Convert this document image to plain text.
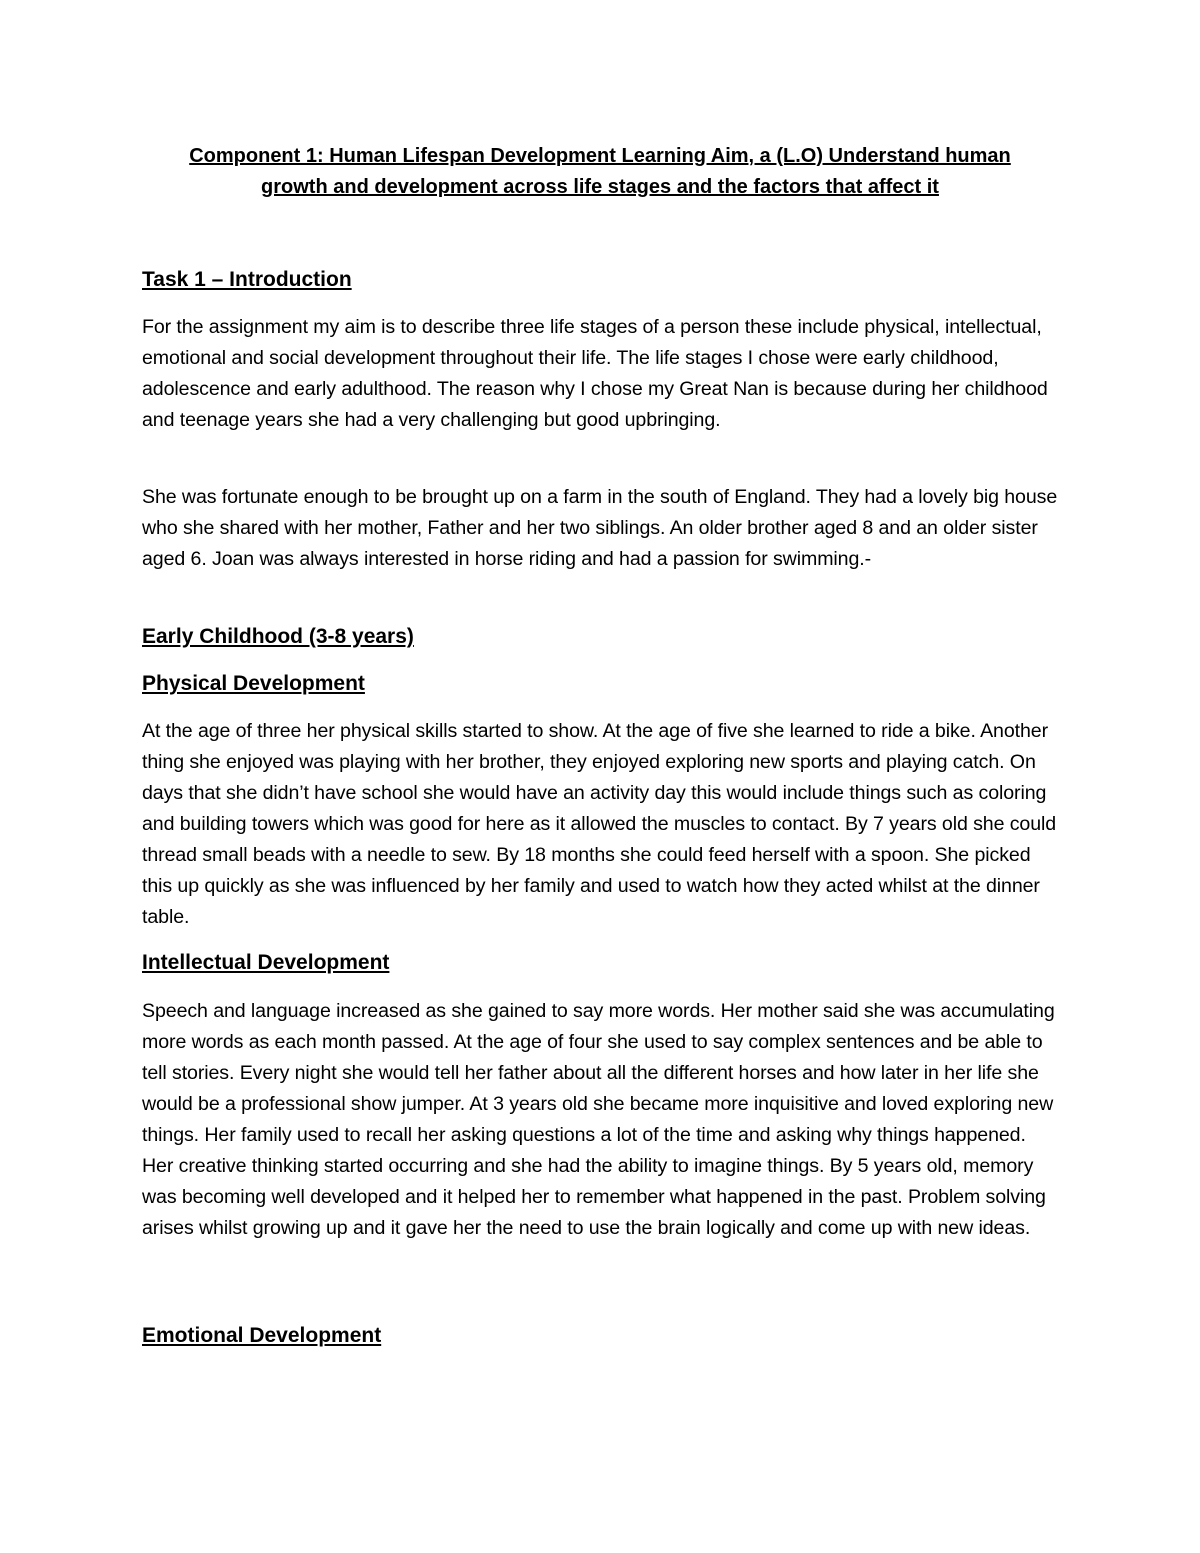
Component 1: Human Lifespan Development Learning Aim, a (L.O) Understand human growth and development across life stages and the factors that affect it
Task 1 – Introduction

For the assignment my aim is to describe three life stages of a person these include physical, intellectual, emotional and social development throughout their life. The life stages I chose were early childhood, adolescence and early adulthood. The reason why I chose my Great Nan is because during her childhood and teenage years she had a very challenging but good upbringing.

She was fortunate enough to be brought up on a farm in the south of England. They had a lovely big house who she shared with her mother, Father and her two siblings. An older brother aged 8 and an older sister aged 6. Joan was always interested in horse riding and had a passion for swimming.-

Early Childhood (3-8 years)
Physical Development

At the age of three her physical skills started to show. At the age of five she learned to ride a bike. Another thing she enjoyed was playing with her brother, they enjoyed exploring new sports and playing catch. On days that she didn’t have school she would have an activity day this would include things such as coloring and building towers which was good for here as it allowed the muscles to contact. By 7 years old she could thread small beads with a needle to sew. By 18 months she could feed herself with a spoon. She picked this up quickly as she was influenced by her family and used to watch how they acted whilst at the dinner table.

Intellectual Development

Speech and language increased as she gained to say more words. Her mother said she was accumulating more words as each month passed. At the age of four she used to say complex sentences and be able to tell stories. Every night she would tell her father about all the different horses and how later in her life she would be a professional show jumper. At 3 years old she became more inquisitive and loved exploring new things. Her family used to recall her asking questions a lot of the time and asking why things happened. Her creative thinking started occurring and she had the ability to imagine things. By 5 years old, memory was becoming well developed and it helped her to remember what happened in the past. Problem solving arises whilst growing up and it gave her the need to use the brain logically and come up with new ideas.

Emotional Development
